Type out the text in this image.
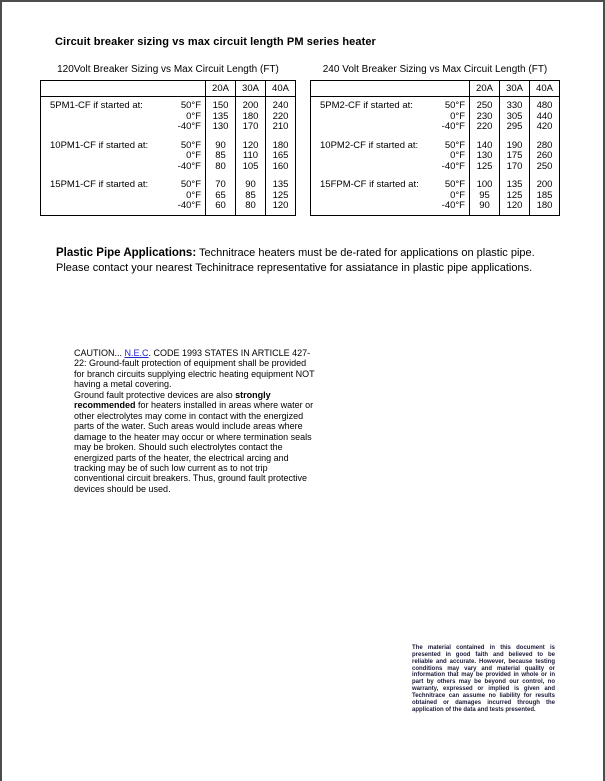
Circuit breaker sizing vs max circuit length PM series heater
120Volt Breaker Sizing vs Max Circuit Length (FT)
	20A	30A	40A

5PM1-CF if started at: 50°F	150	200	240

0°F	135	180	220

-40°F	130	170	210

10PM1-CF if started at: 50°F	90	120	180

0°F	85	110	165

-40°F	80	105	160

15PM1-CF if started at: 50°F	70	90	135

0°F	65	85	125

-40°F	60	80	120

240 Volt Breaker Sizing vs Max Circuit Length (FT)
	20A	30A	40A

5PM2-CF if started at: 50°F	250	330	480

0°F	230	305	440

-40°F	220	295	420

10PM2-CF if started at: 50°F	140	190	280

0°F	130	175	260

-40°F	125	170	250

15FPM-CF if started at: 50°F	100	135	200

0°F	95	125	185

-40°F	90	120	180

Plastic Pipe Applications: Technitrace heaters must be de-rated for applications on plastic pipe. Please contact your nearest Techinitrace representative for assiatance in plastic pipe applications.

CAUTION... N.E.C. CODE 1993 STATES IN ARTICLE 427-22: Ground-fault protection of equipment shall be provided for branch circuits supplying electric heating equipment NOT having a metal covering.

Ground fault protective devices are also strongly recommended for heaters installed in areas where water or other electrolytes may come in contact with the energized parts of the water. Such areas would include areas where damage to the heater may occur or where termination seals may be broken. Should such electrolytes contact the energized parts of the heater, the electrical arcing and tracking may be of such low current as to not trip conventional circuit breakers. Thus, ground fault protective devices should be used.

The material contained in this document is presented in good faith and believed to be reliable and accurate. However, because testing conditions may vary and material quality or information that may be provided in whole or in part by others may be beyond our control, no warranty, expressed or implied is given and Technitrace can assume no liability for results obtained or damages incurred through the application of the data and tests presented.
